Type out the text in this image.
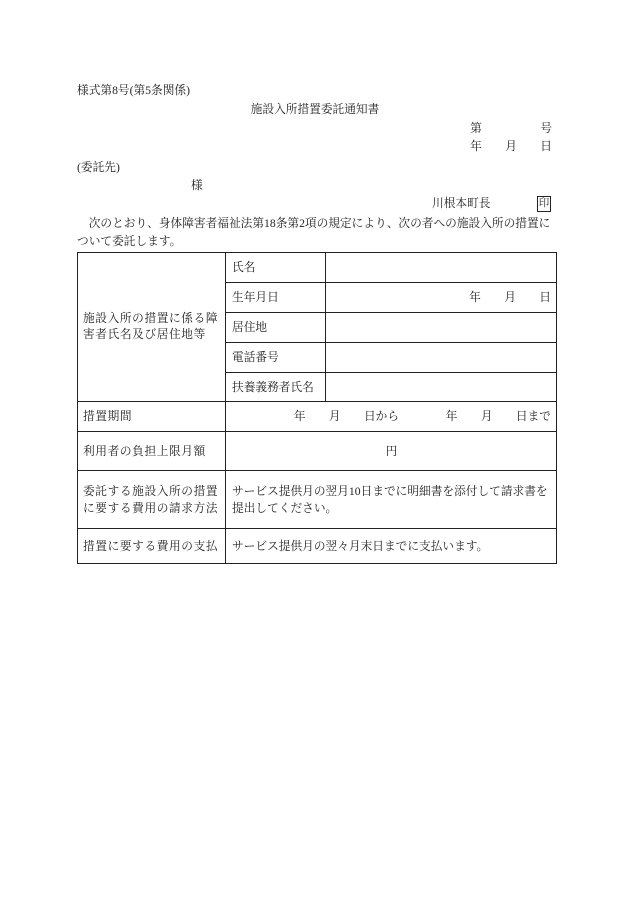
様式第8号(第5条関係)
施設入所措置委託通知書
第　　　　　号
年　　月　　日
(委託先)
様
川根本町長	印
　次のとおり、身体障害者福祉法第18条第2項の規定により、次の者への施設入所の措置に
ついて委託します。
施設入所の措置に係る障
害者氏名及び居住地等	氏名	
	生年月日	年　　月　　日
	居住地	
	電話番号	
	扶養義務者氏名	
措置期間	年　　月　　日から　　　　年　　月　　日まで	
利用者の負担上限月額	円	

委託する施設入所の措置
に要する費用の請求方法	サービス提供月の翌月10日までに明細書を添付して請求書を
提出してください。	

措置に要する費用の支払	サービス提供月の翌々月末日までに支払います。	
